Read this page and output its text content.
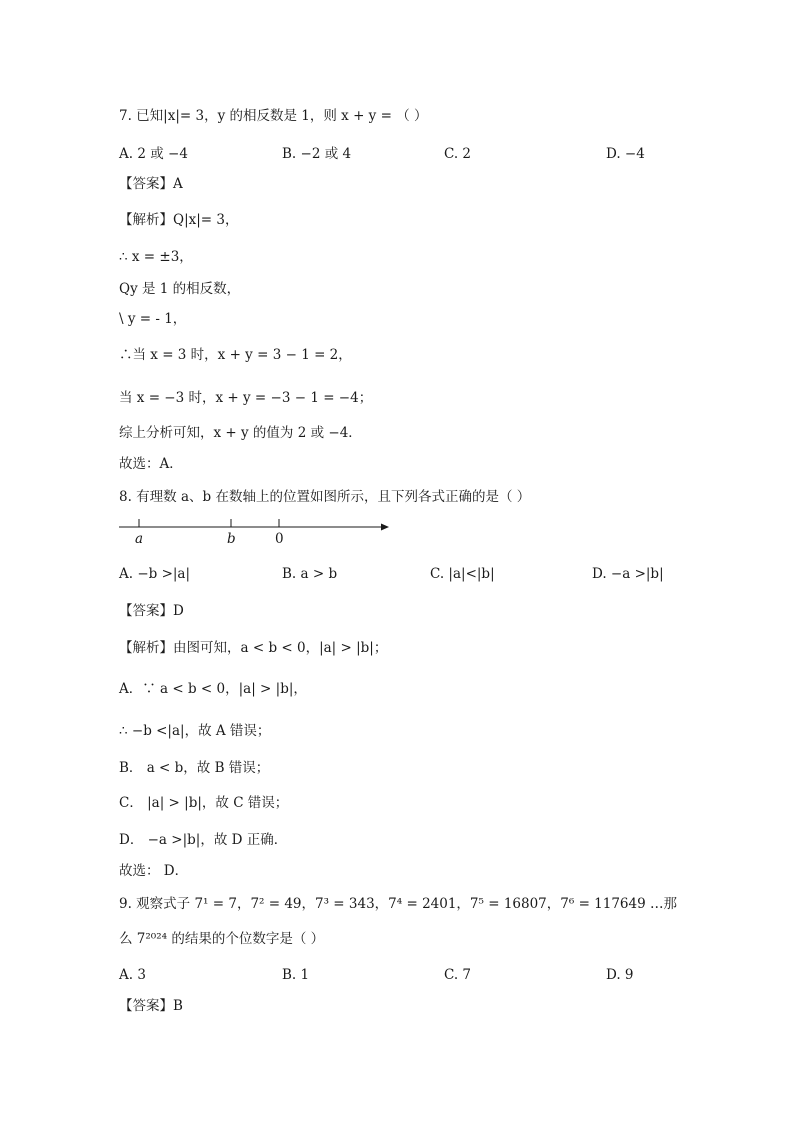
7. 已知|x|= 3，y 的相反数是 1，则 x + y = （ ）
A. 2 或 −4	B. −2 或 4	C. 2	D. −4
【答案】A
【解析】Q|x|= 3，
∴ x = ±3，
Qy 是 1 的相反数，
\ y = - 1，
∴当 x = 3 时，x + y = 3 − 1 = 2，
当 x = −3 时，x + y = −3 − 1 = −4；
综上分析可知，x + y 的值为 2 或 −4．
故选：A．
8. 有理数 a、b 在数轴上的位置如图所示，且下列各式正确的是（ ）
a	b	0
A. −b >|a|	B. a > b	C. |a|<|b|	D. −a >|b|
【答案】D
【解析】由图可知，a < b < 0，|a| > |b|；
A．∵ a < b < 0，|a| > |b|，
∴ −b <|a|，故 A 错误；
B． a < b，故 B 错误；
C． |a| > |b|，故 C 错误；
D． −a >|b|，故 D 正确．
故选： D．
9. 观察式子 7¹ = 7，7² = 49，7³ = 343，7⁴ = 2401，7⁵ = 16807，7⁶ = 117649 …那
么 7²⁰²⁴ 的结果的个位数字是（ ）
A. 3	B. 1	C. 7	D. 9
【答案】B
